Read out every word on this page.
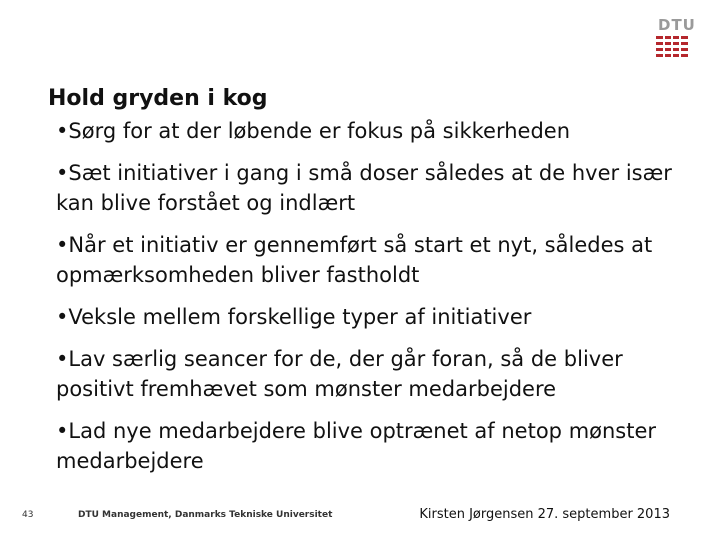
DTU
Hold gryden i kog
•Sørg for at der løbende er fokus på sikkerheden
•Sæt initiativer i gang i små doser således at de hver især kan blive forstået og indlært
•Når et initiativ er gennemført så start et nyt, således at opmærksomheden bliver fastholdt
•Veksle mellem forskellige typer af initiativer
•Lav særlig seancer for de, der går foran, så de bliver positivt fremhævet som mønster medarbejdere
•Lad nye medarbejdere blive optrænet af netop mønster medarbejdere
43	DTU Management, Danmarks Tekniske Universitet	Kirsten Jørgensen 27. september 2013
